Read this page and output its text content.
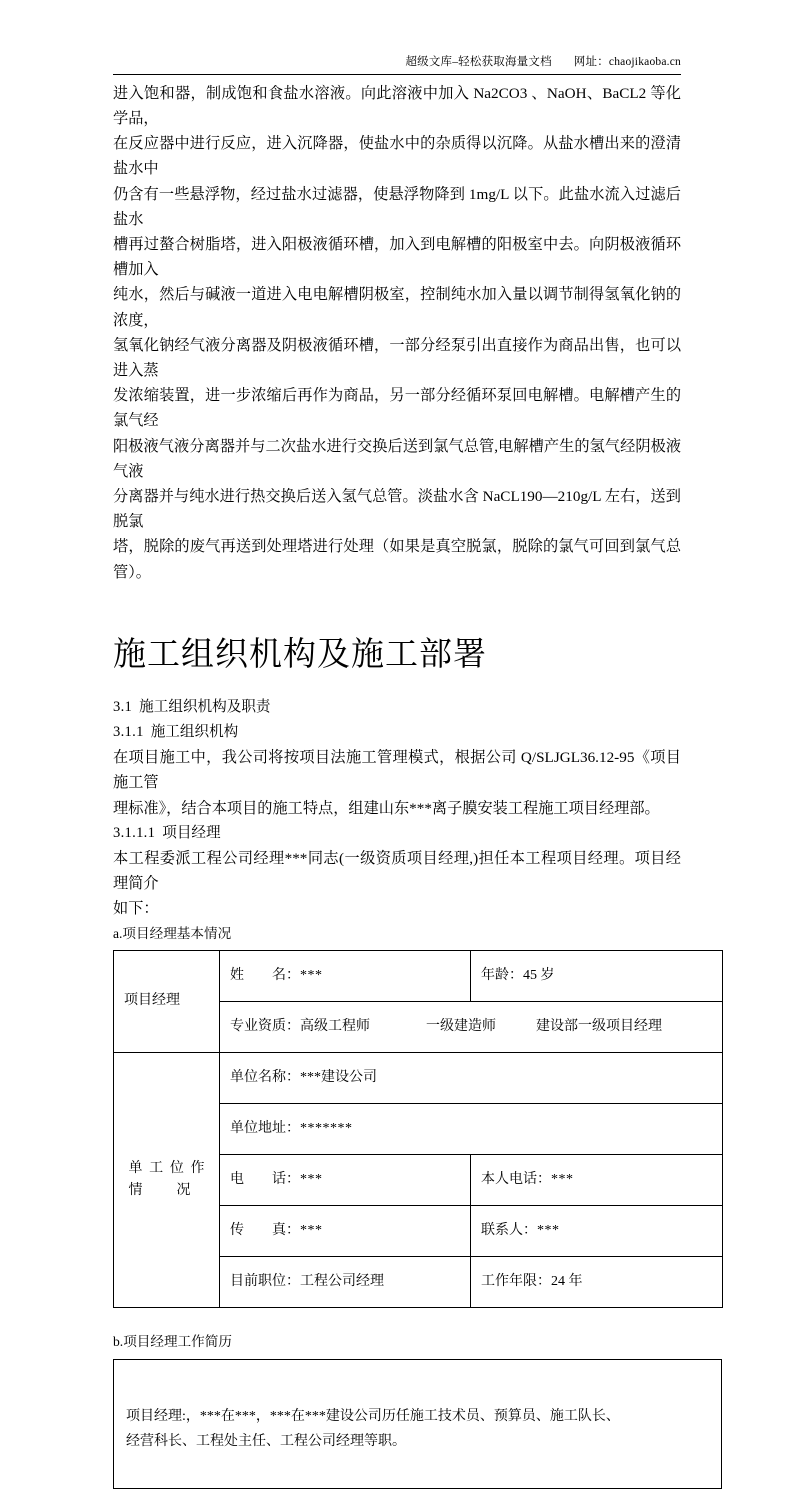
超级文库–轻松获取海量文档 网址：chaojikaoba.cn

进入饱和器，制成饱和食盐水溶液。向此溶液中加入 Na2CO3 、NaOH、BaCL2 等化学品，

在反应器中进行反应，进入沉降器，使盐水中的杂质得以沉降。从盐水槽出来的澄清盐水中

仍含有一些悬浮物，经过盐水过滤器，使悬浮物降到 1mg/L 以下。此盐水流入过滤后盐水

槽再过螯合树脂塔，进入阳极液循环槽，加入到电解槽的阳极室中去。向阴极液循环槽加入

纯水，然后与碱液一道进入电电解槽阴极室，控制纯水加入量以调节制得氢氧化钠的浓度，

氢氧化钠经气液分离器及阴极液循环槽，一部分经泵引出直接作为商品出售，也可以进入蒸

发浓缩装置，进一步浓缩后再作为商品，另一部分经循环泵回电解槽。电解槽产生的氯气经

阳极液气液分离器并与二次盐水进行交换后送到氯气总管,电解槽产生的氢气经阴极液气液

分离器并与纯水进行热交换后送入氢气总管。淡盐水含 NaCL190—210g/L 左右，送到脱氯

塔，脱除的废气再送到处理塔进行处理（如果是真空脱氯，脱除的氯气可回到氯气总管）。

施工组织机构及施工部署

3.1 施工组织机构及职责

3.1.1 施工组织机构

在项目施工中，我公司将按项目法施工管理模式，根据公司 Q/SLJGL36.12-95《项目施工管

理标准》，结合本项目的施工特点，组建山东***离子膜安装工程施工项目经理部。

3.1.1.1 项目经理

本工程委派工程公司经理***同志(一级资质项目经理,)担任本工程项目经理。项目经理简介

如下：

a.项目经理基本情况

项目经理	姓　　名：***	年龄：45 岁
	专业资质：高级工程师 一级建造师 建设部一级项目经理	

单 工 位 作
情 况
	单位名称：***建设公司
	单位地址：*******	
	电　　话：***	本人电话：***
	传　　真：***	联系人：***
	目前职位：工程公司经理	工作年限：24 年

b.项目经理工作简历

项目经理:，***在***，***在***建设公司历任施工技术员、预算员、施工队长、

经营科长、工程处主任、工程公司经理等职。
